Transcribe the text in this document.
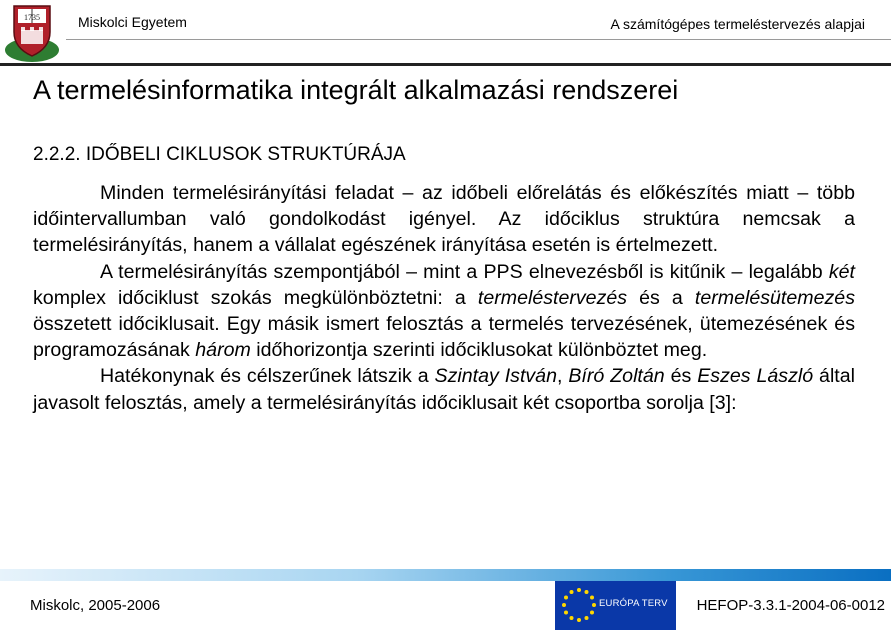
1735	Miskolci Egyetem	A számítógépes termeléstervezés alapjai
A termelésinformatika integrált alkalmazási rendszerei
2.2.2. IDŐBELI CIKLUSOK STRUKTÚRÁJA

Minden termelésirányítási feladat – az időbeli előrelátás és előkészítés miatt – több időintervallumban való gondolkodást igényel. Az időciklus struktúra nemcsak a termelésirányítás, hanem a vállalat egészének irányítása esetén is értelmezett.

A termelésirányítás szempontjából – mint a PPS elnevezésből is kitűnik – legalább két komplex időciklust szokás megkülönböztetni: a termeléstervezés és a termelésütemezés összetett időciklusait. Egy másik ismert felosztás a termelés tervezésének, ütemezésének és programozásának három időhorizontja szerinti időciklusokat különböztet meg.

Hatékonynak és célszerűnek látszik a Szintay István, Bíró Zoltán és Eszes László által javasolt felosztás, amely a termelésirányítás időciklusait két csoportba sorolja [3]:

Miskolc, 2005-2006	EURÓPA TERV HEFOP-3.3.1-2004-06-0012
